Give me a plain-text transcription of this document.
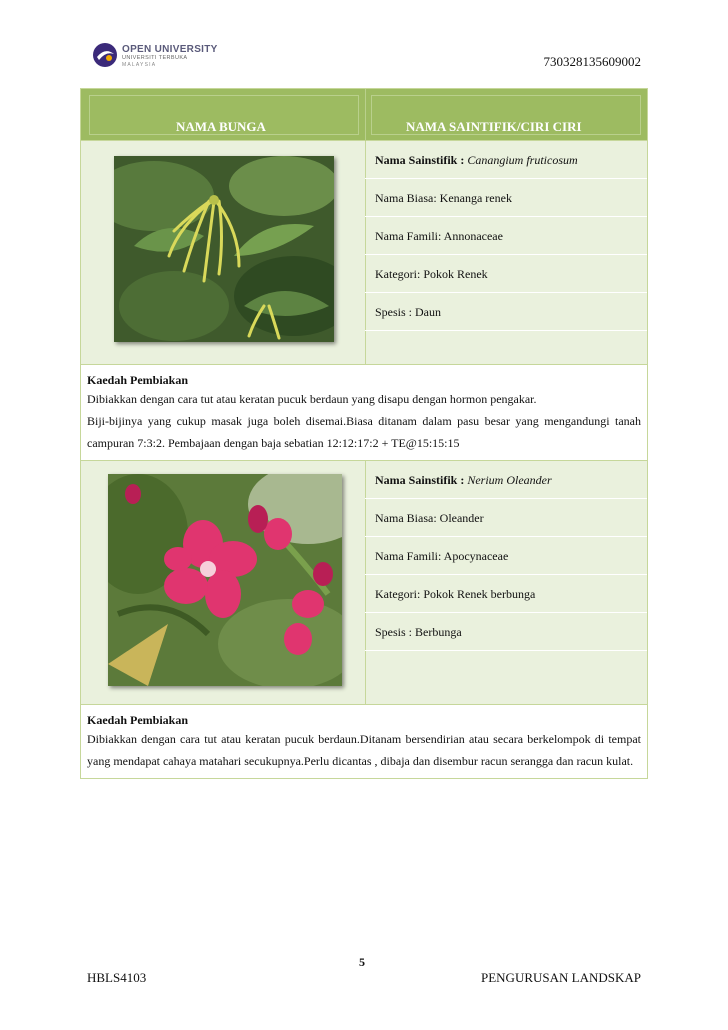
OPEN UNIVERSITY
UNIVERSITI TERBUKA
MALAYSIA	730328135609002
NAMA BUNGA	NAMA SAINTIFIK/CIRI CIRI
Nama Sainstifik : Canangium fruticosum
Nama Biasa: Kenanga renek
Nama Famili: Annonaceae
Kategori: Pokok Renek
Spesis : Daun
Kaedah Pembiakan
Dibiakkan dengan cara tut atau keratan pucuk berdaun yang disapu dengan hormon pengakar.
Biji-bijinya yang cukup masak juga boleh disemai.Biasa ditanam dalam pasu besar yang mengandungi tanah campuran 7:3:2. Pembajaan dengan baja sebatian 12:12:17:2 + TE@15:15:15
Nama Sainstifik : Nerium Oleander
Nama Biasa: Oleander
Nama Famili: Apocynaceae
Kategori: Pokok Renek berbunga
Spesis : Berbunga
Kaedah Pembiakan
Dibiakkan dengan cara tut atau keratan pucuk berdaun.Ditanam bersendirian atau secara berkelompok di tempat yang mendapat cahaya matahari secukupnya.Perlu dicantas , dibaja dan disembur racun serangga dan racun kulat.
5
HBLS4103	PENGURUSAN LANDSKAP
